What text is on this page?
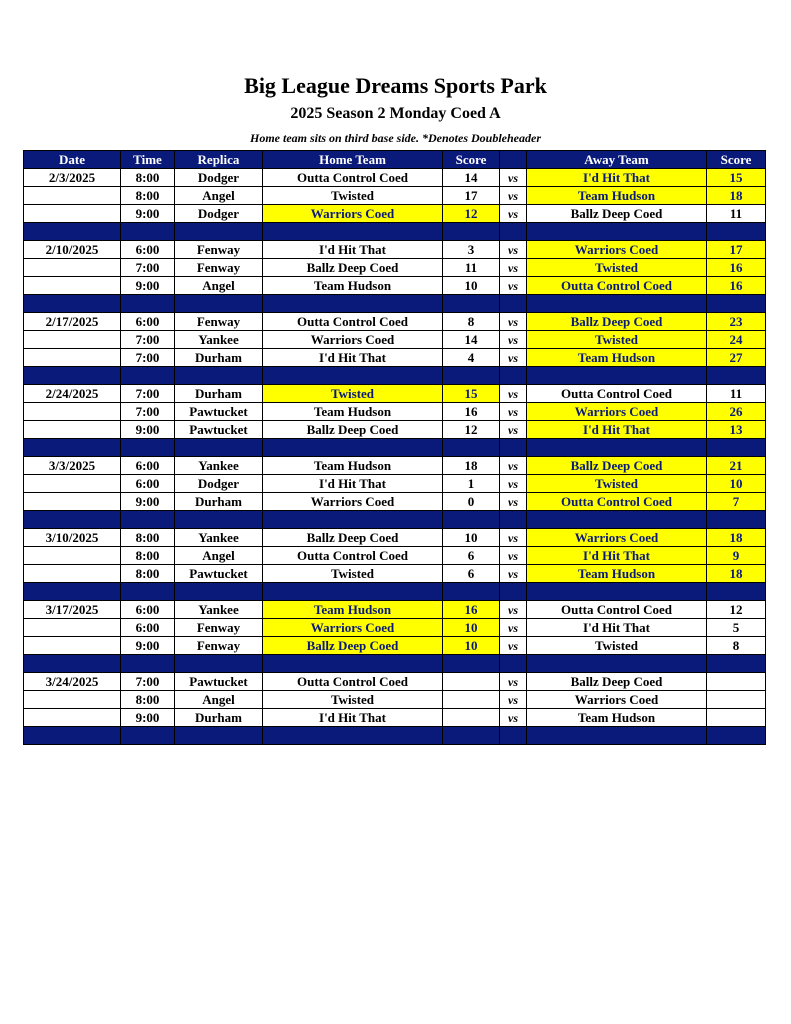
Big League Dreams Sports Park
2025 Season 2 Monday Coed A
Home team sits on third base side. *Denotes Doubleheader
Date	Time	Replica	Home Team	Score		Away Team	Score
2/3/2025	8:00	Dodger	Outta Control Coed	14	vs	I'd Hit That	15
	8:00	Angel	Twisted	17	vs	Team Hudson	18
	9:00	Dodger	Warriors Coed	12	vs	Ballz Deep Coed	11

2/10/2025	6:00	Fenway	I'd Hit That	3	vs	Warriors Coed	17
	7:00	Fenway	Ballz Deep Coed	11	vs	Twisted	16
	9:00	Angel	Team Hudson	10	vs	Outta Control Coed	16

2/17/2025	6:00	Fenway	Outta Control Coed	8	vs	Ballz Deep Coed	23
	7:00	Yankee	Warriors Coed	14	vs	Twisted	24
	7:00	Durham	I'd Hit That	4	vs	Team Hudson	27

2/24/2025	7:00	Durham	Twisted	15	vs	Outta Control Coed	11
	7:00	Pawtucket	Team Hudson	16	vs	Warriors Coed	26
	9:00	Pawtucket	Ballz Deep Coed	12	vs	I'd Hit That	13

3/3/2025	6:00	Yankee	Team Hudson	18	vs	Ballz Deep Coed	21
	6:00	Dodger	I'd Hit That	1	vs	Twisted	10
	9:00	Durham	Warriors Coed	0	vs	Outta Control Coed	7

3/10/2025	8:00	Yankee	Ballz Deep Coed	10	vs	Warriors Coed	18
	8:00	Angel	Outta Control Coed	6	vs	I'd Hit That	9
	8:00	Pawtucket	Twisted	6	vs	Team Hudson	18

3/17/2025	6:00	Yankee	Team Hudson	16	vs	Outta Control Coed	12
	6:00	Fenway	Warriors Coed	10	vs	I'd Hit That	5
	9:00	Fenway	Ballz Deep Coed	10	vs	Twisted	8

3/24/2025	7:00	Pawtucket	Outta Control Coed		vs	Ballz Deep Coed	
	8:00	Angel	Twisted		vs	Warriors Coed	
	9:00	Durham	I'd Hit That		vs	Team Hudson	
